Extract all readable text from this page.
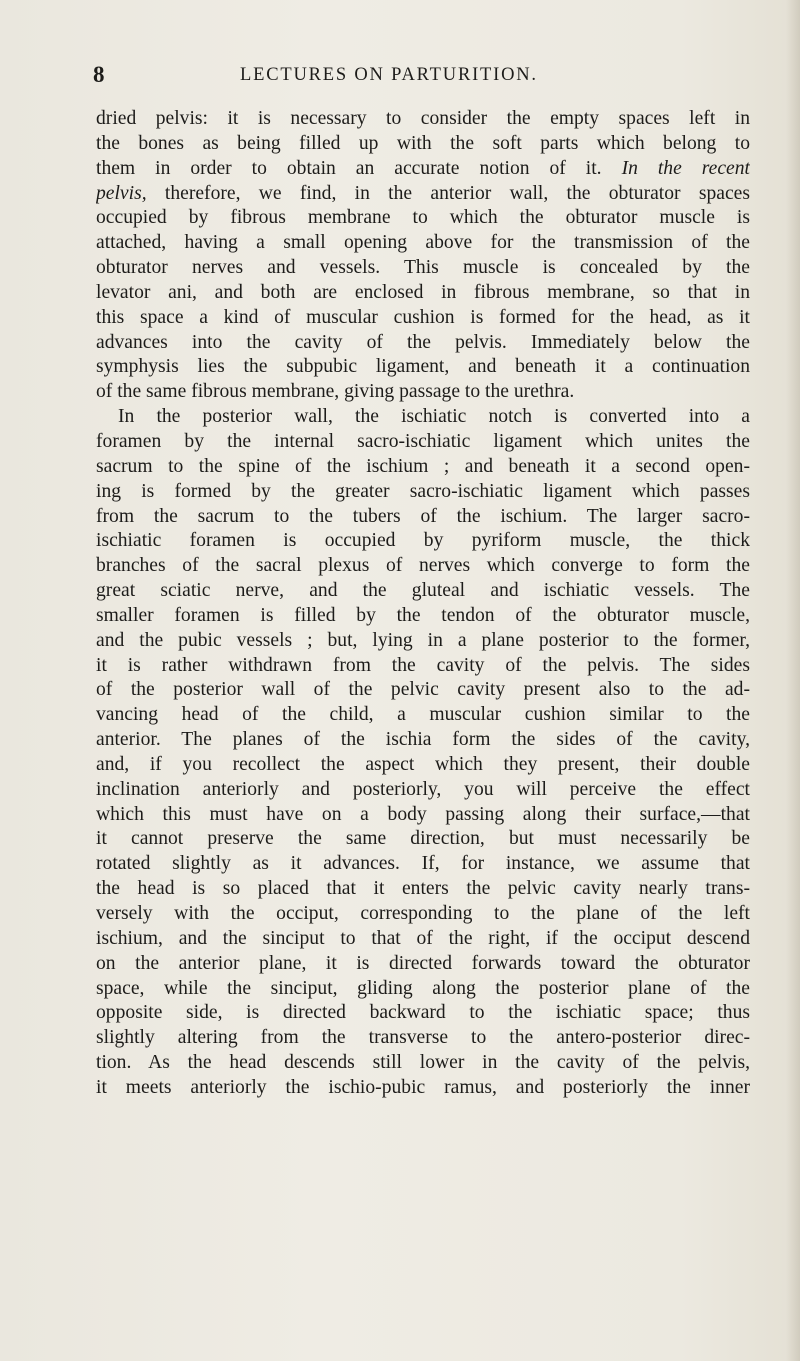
8	LECTURES ON PARTURITION.
dried pelvis: it is necessary to consider the empty spaces left in
the bones as being filled up with the soft parts which belong to
them in order to obtain an accurate notion of it. In the recent
pelvis, therefore, we find, in the anterior wall, the obturator spaces
occupied by fibrous membrane to which the obturator muscle is
attached, having a small opening above for the transmission of the
obturator nerves and vessels. This muscle is concealed by the
levator ani, and both are enclosed in fibrous membrane, so that in
this space a kind of muscular cushion is formed for the head, as it
advances into the cavity of the pelvis. Immediately below the
symphysis lies the subpubic ligament, and beneath it a continuation
of the same fibrous membrane, giving passage to the urethra.
In the posterior wall, the ischiatic notch is converted into a
foramen by the internal sacro-ischiatic ligament which unites the
sacrum to the spine of the ischium ; and beneath it a second open-
ing is formed by the greater sacro-ischiatic ligament which passes
from the sacrum to the tubers of the ischium. The larger sacro-
ischiatic foramen is occupied by pyriform muscle, the thick
branches of the sacral plexus of nerves which converge to form the
great sciatic nerve, and the gluteal and ischiatic vessels. The
smaller foramen is filled by the tendon of the obturator muscle,
and the pubic vessels ; but, lying in a plane posterior to the former,
it is rather withdrawn from the cavity of the pelvis. The sides
of the posterior wall of the pelvic cavity present also to the ad-
vancing head of the child, a muscular cushion similar to the
anterior. The planes of the ischia form the sides of the cavity,
and, if you recollect the aspect which they present, their double
inclination anteriorly and posteriorly, you will perceive the effect
which this must have on a body passing along their surface,—that
it cannot preserve the same direction, but must necessarily be
rotated slightly as it advances. If, for instance, we assume that
the head is so placed that it enters the pelvic cavity nearly trans-
versely with the occiput, corresponding to the plane of the left
ischium, and the sinciput to that of the right, if the occiput descend
on the anterior plane, it is directed forwards toward the obturator
space, while the sinciput, gliding along the posterior plane of the
opposite side, is directed backward to the ischiatic space; thus
slightly altering from the transverse to the antero-posterior direc-
tion. As the head descends still lower in the cavity of the pelvis,
it meets anteriorly the ischio-pubic ramus, and posteriorly the inner
